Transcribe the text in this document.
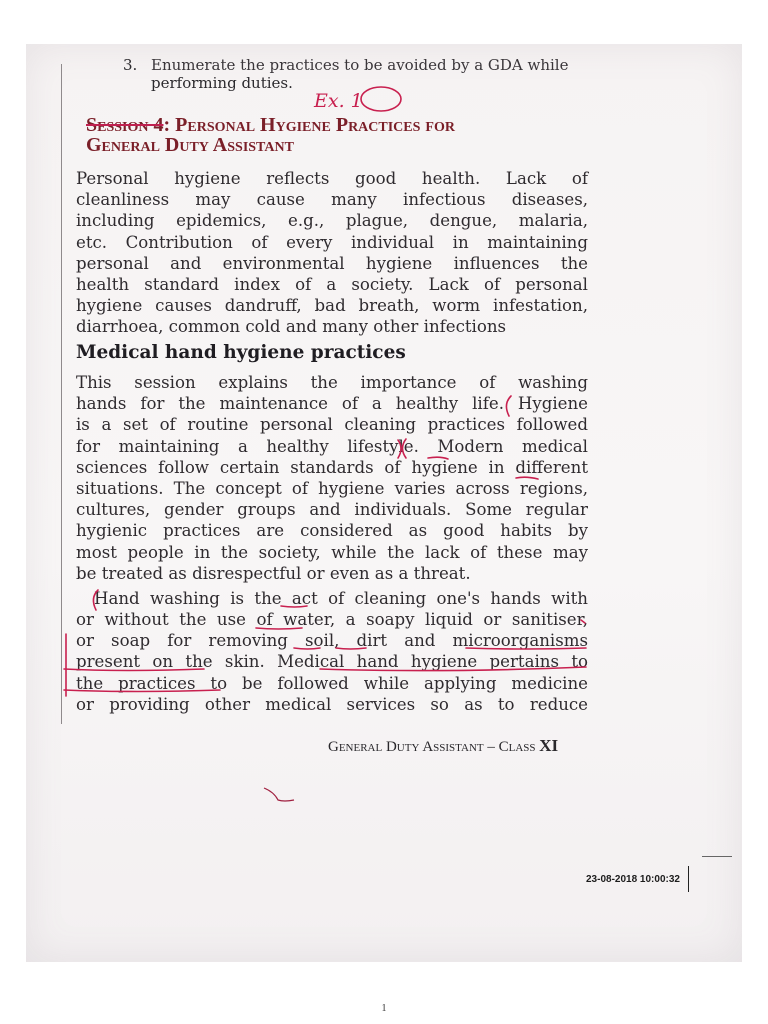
3. Enumerate the practices to be avoided by a GDA while
performing duties.
Ex. 1
Session 4: Personal Hygiene Practices for
General Duty Assistant
Personal hygiene reflects good health. Lack of
cleanliness may cause many infectious diseases,
including epidemics, e.g., plague, dengue, malaria,
etc. Contribution of every individual in maintaining
personal and environmental hygiene influences the
health standard index of a society. Lack of personal
hygiene causes dandruff, bad breath, worm infestation,
diarrhoea, common cold and many other infections
Medical hand hygiene practices
This session explains the importance of washing
hands for the maintenance of a healthy life. Hygiene
is a set of routine personal cleaning practices followed
for maintaining a healthy lifestyle. Modern medical
sciences follow certain standards of hygiene in different
situations. The concept of hygiene varies across regions,
cultures, gender groups and individuals. Some regular
hygienic practices are considered as good habits by
most people in the society, while the lack of these may
be treated as disrespectful or even as a threat.
Hand washing is the act of cleaning one's hands with
or without the use of water, a soapy liquid or sanitiser,
or soap for removing soil, dirt and microorganisms
present on the skin. Medical hand hygiene pertains to
the practices to be followed while applying medicine
or providing other medical services so as to reduce
General Duty Assistant – Class XI
23-08-2018 10:00:32
1
